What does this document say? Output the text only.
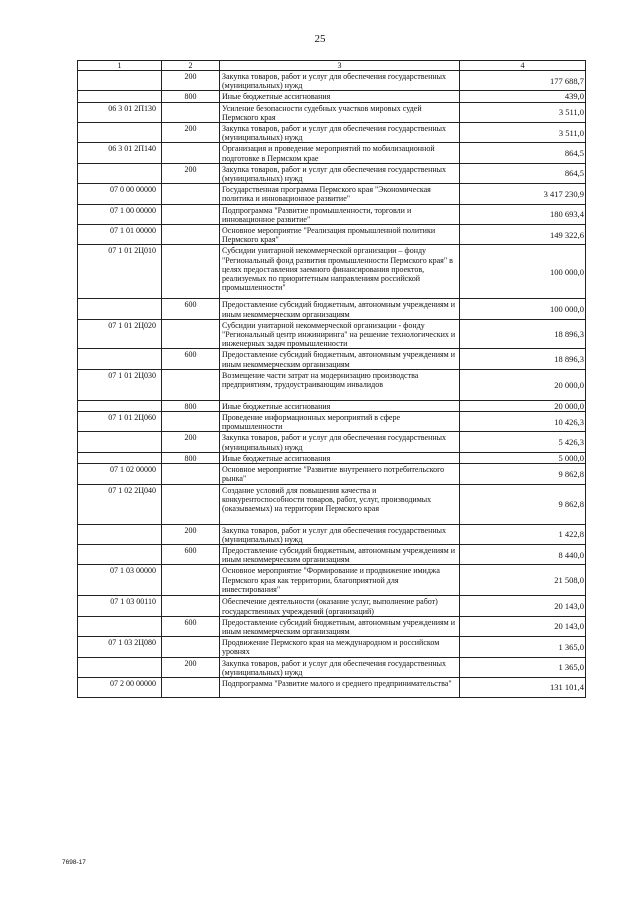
25
1	2	3	4
	200	Закупка товаров, работ и услуг для обеспечения государственных (муниципальных) нужд	177 688,7
	800	Иные бюджетные ассигнования	439,0
06 3 01 2П130		Усиление безопасности судебных участков мировых судей Пермского края	3 511,0
	200	Закупка товаров, работ и услуг для обеспечения государственных (муниципальных) нужд	3 511,0
06 3 01 2П140		Организация и проведение мероприятий по мобилизационной подготовке в Пермском крае	864,5
	200	Закупка товаров, работ и услуг для обеспечения государственных (муниципальных) нужд	864,5
07 0 00 00000		Государственная программа Пермского края "Экономическая политика и инновационное развитие"	3 417 230,9
07 1 00 00000		Подпрограмма "Развитие промышленности, торговли и инновационное развитие"	180 693,4
07 1 01 00000		Основное мероприятие "Реализация промышленной политики Пермского края"	149 322,6
07 1 01 2Ц010		Субсидии унитарной некоммерческой организации – фонду "Региональный фонд развития промышленности Пермского края" в целях предоставления заемного финансирования проектов, реализуемых по приоритетным направлениям российской промышленности"	100 000,0
	600	Предоставление субсидий бюджетным, автономным учреждениям и иным некоммерческим организациям	100 000,0
07 1 01 2Ц020		Субсидии унитарной некоммерческой организации - фонду "Региональный центр инжиниринга" на решение технологических и инженерных задач промышленности	18 896,3
	600	Предоставление субсидий бюджетным, автономным учреждениям и иным некоммерческим организациям	18 896,3
07 1 01 2Ц030		Возмещение части затрат на модернизацию производства предприятиям, трудоустраивающим инвалидов	20 000,0
	800	Иные бюджетные ассигнования	20 000,0
07 1 01 2Ц060		Проведение информационных мероприятий в сфере промышленности	10 426,3
	200	Закупка товаров, работ и услуг для обеспечения государственных (муниципальных) нужд	5 426,3
	800	Иные бюджетные ассигнования	5 000,0
07 1 02 00000		Основное мероприятие "Развитие внутреннего потребительского рынка"	9 862,8
07 1 02 2Ц040		Создание условий для повышения качества и конкурентоспособности товаров, работ, услуг, производимых (оказываемых) на территории Пермского края	9 862,8
	200	Закупка товаров, работ и услуг для обеспечения государственных (муниципальных) нужд	1 422,8
	600	Предоставление субсидий бюджетным, автономным учреждениям и иным некоммерческим организациям	8 440,0
07 1 03 00000		Основное мероприятие "Формирование и продвижение имиджа Пермского края как территории, благоприятной для инвестирования"	21 508,0
07 1 03 00110		Обеспечение деятельности (оказание услуг, выполнение работ) государственных учреждений (организаций)	20 143,0
	600	Предоставление субсидий бюджетным, автономным учреждениям и иным некоммерческим организациям	20 143,0
07 1 03 2Ц080		Продвижение Пермского края на международном и российском уровнях	1 365,0
	200	Закупка товаров, работ и услуг для обеспечения государственных (муниципальных) нужд	1 365,0
07 2 00 00000		Подпрограмма "Развитие малого и среднего предпринимательства"	131 101,4
7698-17
